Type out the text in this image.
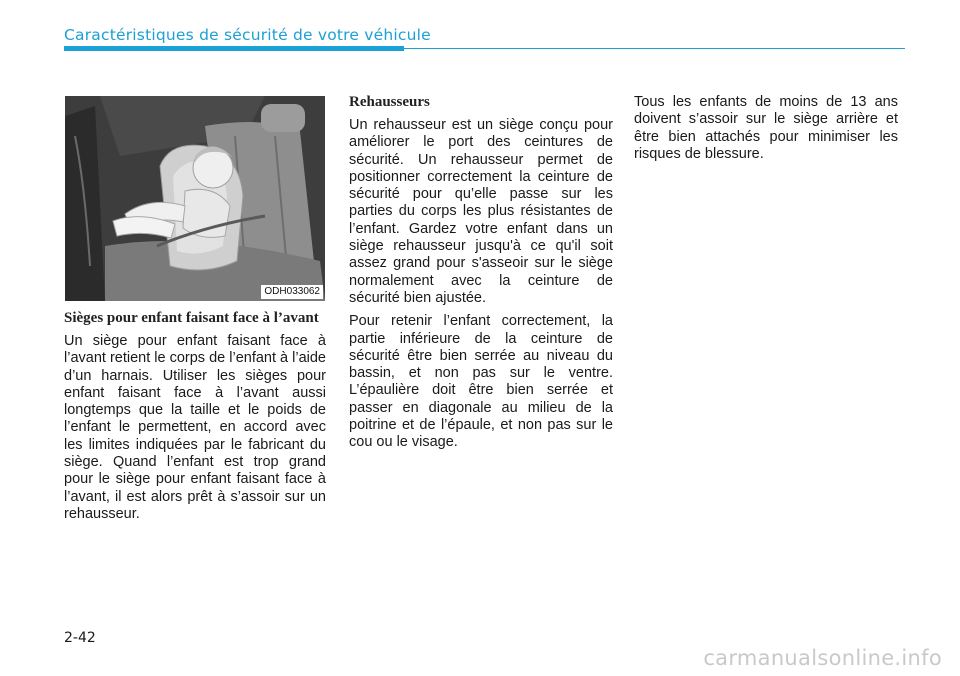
Caractéristiques de sécurité de votre véhicule
ODH033062
Sièges pour enfant faisant face à l’avant

Un siège pour enfant faisant face à l’avant retient le corps de l’enfant à l’aide d’un harnais. Utiliser les sièges pour enfant faisant face à l’avant aussi longtemps que la taille et le poids de l’enfant le permettent, en accord avec les limites indiquées par le fabricant du siège. Quand l’enfant est trop grand pour le siège pour enfant faisant face à l’avant, il est alors prêt à s’assoir sur un rehausseur.

Rehausseurs

Un rehausseur est un siège conçu pour améliorer le port des ceintures de sécurité. Un rehausseur permet de positionner correctement la ceinture de sécurité pour qu’elle passe sur les parties du corps les plus résistantes de l’enfant. Gardez votre enfant dans un siège rehausseur jusqu'à ce qu'il soit assez grand pour s'asseoir sur le siège normalement avec la ceinture de sécurité bien ajustée.

Pour retenir l’enfant correctement, la partie inférieure de la ceinture de sécurité être bien serrée au niveau du bassin, et non pas sur le ventre. L’épaulière doit être bien serrée et passer en diagonale au milieu de la poitrine et de l’épaule, et non pas sur le cou ou le visage.

Tous les enfants de moins de 13 ans doivent s’assoir sur le siège arrière et être bien attachés pour minimiser les risques de blessure.

2-42
carmanualsonline.info
